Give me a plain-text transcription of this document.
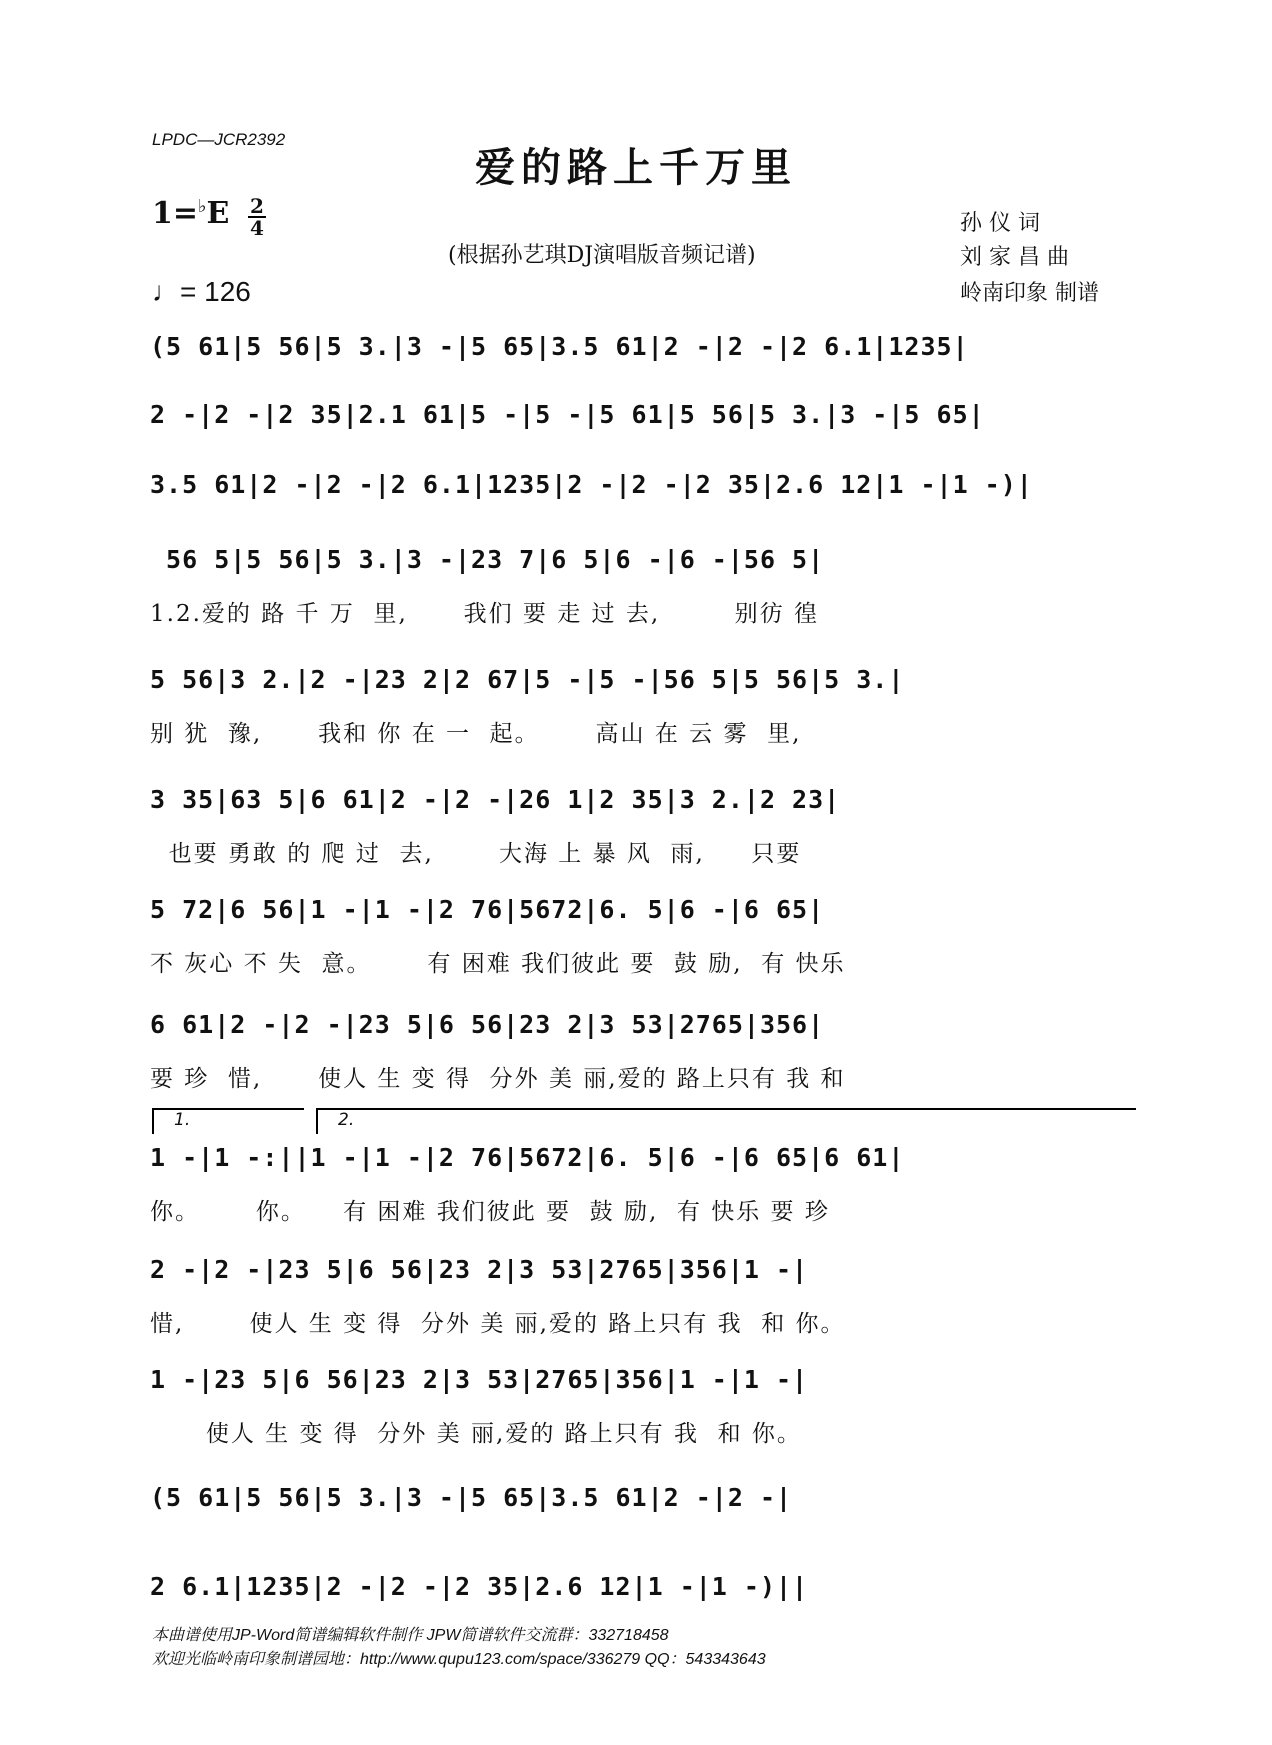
LPDC—JCR2392
爱的路上千万里
1=♭E 2
4
♩= 126
(根据孙艺琪DJ演唱版音频记谱)
孙 仪 词
刘 家 昌 曲
岭南印象 制谱
(5 61|5 56|5 3.|3 -|5 65|3.5 61|2 -|2 -|2 6.1|1235|
2 -|2 -|2 35|2.1 61|5 -|5 -|5 61|5 56|5 3.|3 -|5 65|
3.5 61|2 -|2 -|2 6.1|1235|2 -|2 -|2 35|2.6 12|1 -|1 -)|
56 5|5 56|5 3.|3 -|23 7|6 5|6 -|6 -|56 5|
1.2.爱的 路 千 万  里,      我们 要 走 过 去,        别彷 徨
5 56|3 2.|2 -|23 2|2 67|5 -|5 -|56 5|5 56|5 3.|
别 犹  豫,      我和 你 在 一  起。      高山 在 云 雾  里,
3 35|63 5|6 61|2 -|2 -|26 1|2 35|3 2.|2 23|
也要 勇敢 的 爬 过  去,       大海 上 暴 风  雨,     只要
5 72|6 56|1 -|1 -|2 76|5672|6. 5|6 -|6 65|
不 灰心 不 失  意。      有 困难 我们彼此 要  鼓 励,  有 快乐
6 61|2 -|2 -|23 5|6 56|23 2|3 53|2765|356|
要 珍  惜,      使人 生 变 得  分外 美 丽,爱的 路上只有 我 和
1 -|1 -:||1 -|1 -|2 76|5672|6. 5|6 -|6 65|6 61|
你。      你。    有 困难 我们彼此 要  鼓 励,  有 快乐 要 珍
2 -|2 -|23 5|6 56|23 2|3 53|2765|356|1 -|
惜,       使人 生 变 得  分外 美 丽,爱的 路上只有 我  和 你。
1 -|23 5|6 56|23 2|3 53|2765|356|1 -|1 -|
使人 生 变 得  分外 美 丽,爱的 路上只有 我  和 你。
(5 61|5 56|5 3.|3 -|5 65|3.5 61|2 -|2 -|
2 6.1|1235|2 -|2 -|2 35|2.6 12|1 -|1 -)||
1.	2.
本曲谱使用JP-Word简谱编辑软件制作 JPW简谱软件交流群：332718458
欢迎光临岭南印象制谱园地：http://www.qupu123.com/space/336279 QQ：543343643
